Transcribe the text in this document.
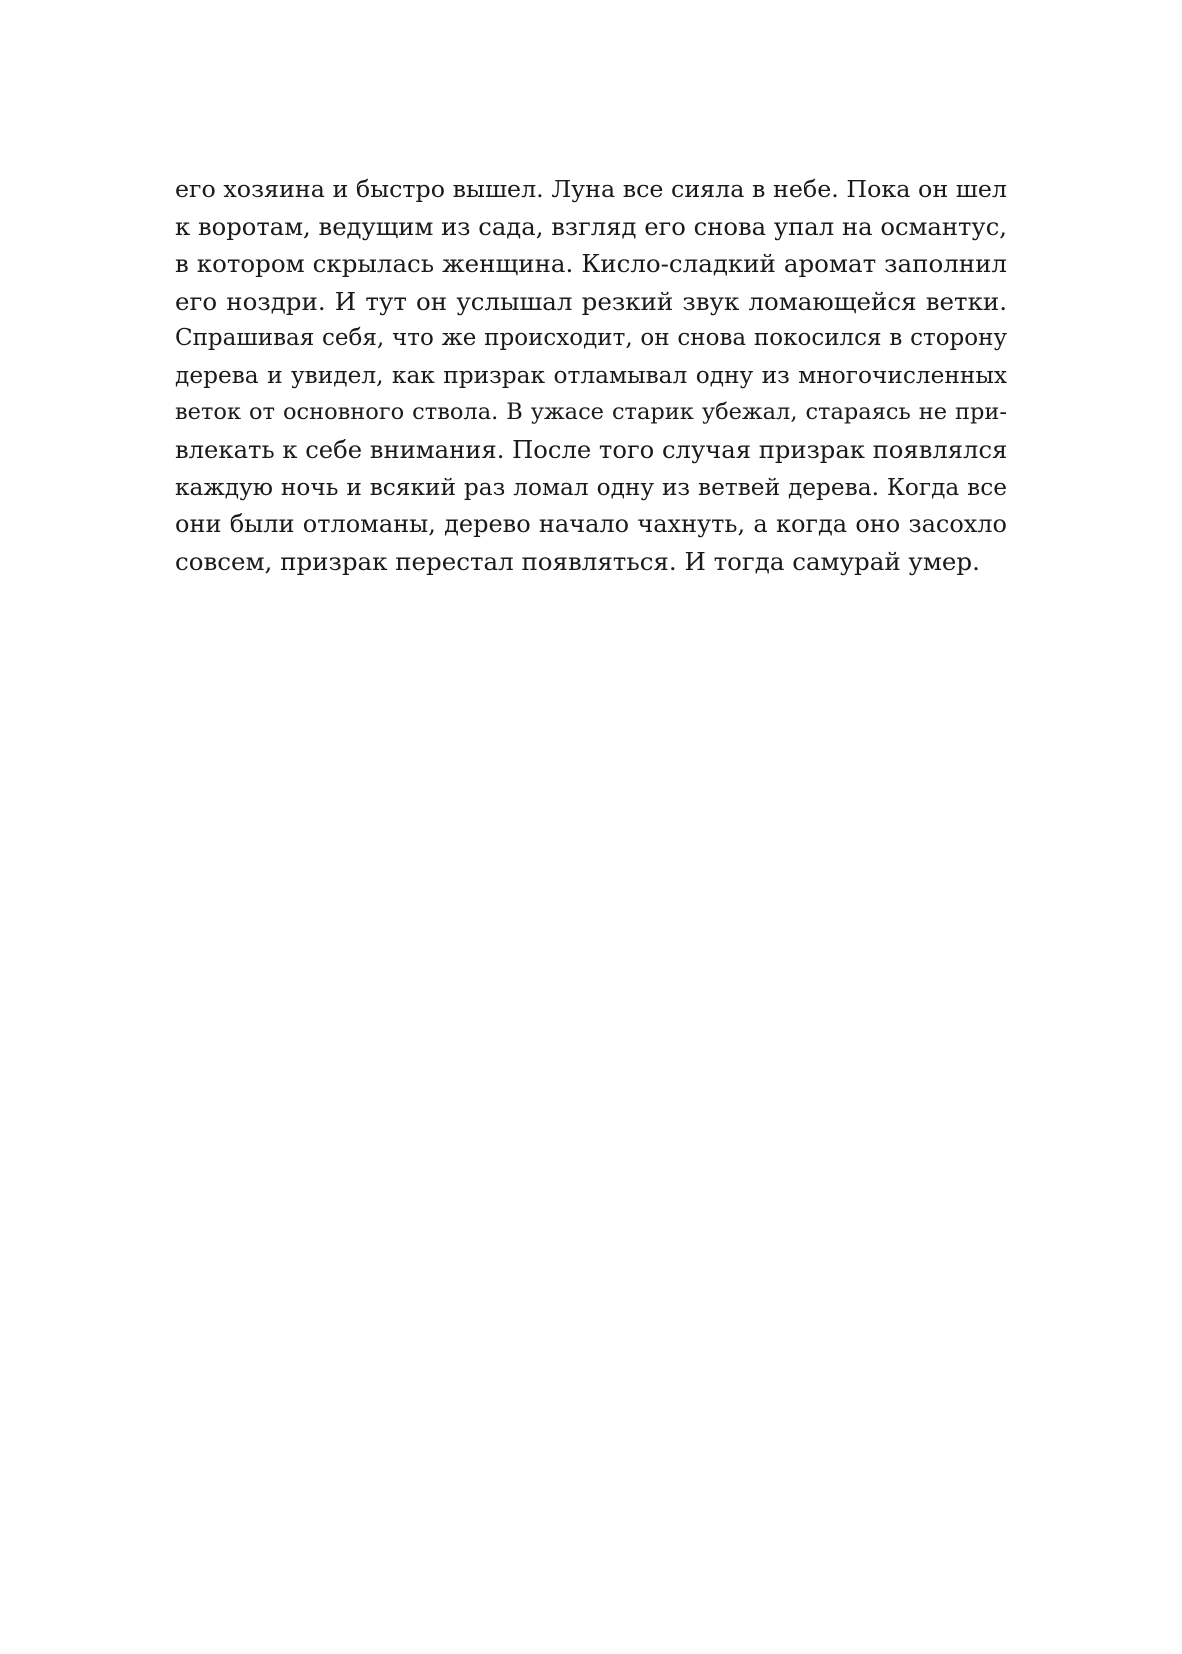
его хозяина и быстро вышел. Луна все сияла в небе. Пока он шел
к воротам, ведущим из сада, взгляд его снова упал на османтус,
в котором скрылась женщина. Кисло-сладкий аромат заполнил
его ноздри. И тут он услышал резкий звук ломающейся ветки.
Спрашивая себя, что же происходит, он снова покосился в сторону
дерева и увидел, как призрак отламывал одну из многочисленных
веток от основного ствола. В ужасе старик убежал, стараясь не при-
влекать к себе внимания. После того случая призрак появлялся
каждую ночь и всякий раз ломал одну из ветвей дерева. Когда все
они были отломаны, дерево начало чахнуть, а когда оно засохло
совсем, призрак перестал появляться. И тогда самурай умер.
